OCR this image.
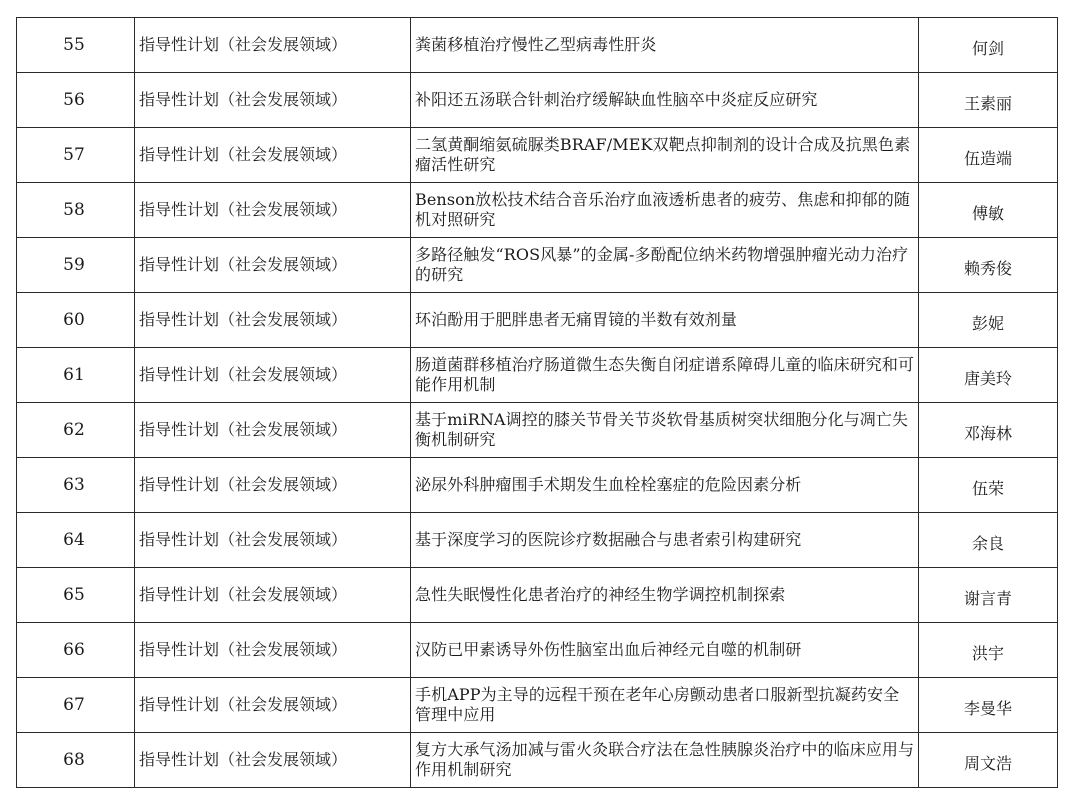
55	指导性计划（社会发展领域）	粪菌移植治疗慢性乙型病毒性肝炎	何剑
56	指导性计划（社会发展领域）	补阳还五汤联合针刺治疗缓解缺血性脑卒中炎症反应研究	王素丽
57	指导性计划（社会发展领域）	二氢黄酮缩氨硫脲类BRAF/MEK双靶点抑制剂的设计合成及抗黑色素瘤活性研究	伍造端
58	指导性计划（社会发展领域）	Benson放松技术结合音乐治疗血液透析患者的疲劳、焦虑和抑郁的随机对照研究	傅敏
59	指导性计划（社会发展领域）	多路径触发“ROS风暴”的金属-多酚配位纳米药物增强肿瘤光动力治疗的研究	赖秀俊
60	指导性计划（社会发展领域）	环泊酚用于肥胖患者无痛胃镜的半数有效剂量	彭妮
61	指导性计划（社会发展领域）	肠道菌群移植治疗肠道微生态失衡自闭症谱系障碍儿童的临床研究和可能作用机制	唐美玲
62	指导性计划（社会发展领域）	基于miRNA调控的膝关节骨关节炎软骨基质树突状细胞分化与凋亡失衡机制研究	邓海林
63	指导性计划（社会发展领域）	泌尿外科肿瘤围手术期发生血栓栓塞症的危险因素分析	伍荣
64	指导性计划（社会发展领域）	基于深度学习的医院诊疗数据融合与患者索引构建研究	余良
65	指导性计划（社会发展领域）	急性失眠慢性化患者治疗的神经生物学调控机制探索	谢言青
66	指导性计划（社会发展领域）	汉防已甲素诱导外伤性脑室出血后神经元自噬的机制研	洪宇
67	指导性计划（社会发展领域）	手机APP为主导的远程干预在老年心房颤动患者口服新型抗凝药安全管理中应用	李曼华
68	指导性计划（社会发展领域）	复方大承气汤加减与雷火灸联合疗法在急性胰腺炎治疗中的临床应用与作用机制研究	周文浩
